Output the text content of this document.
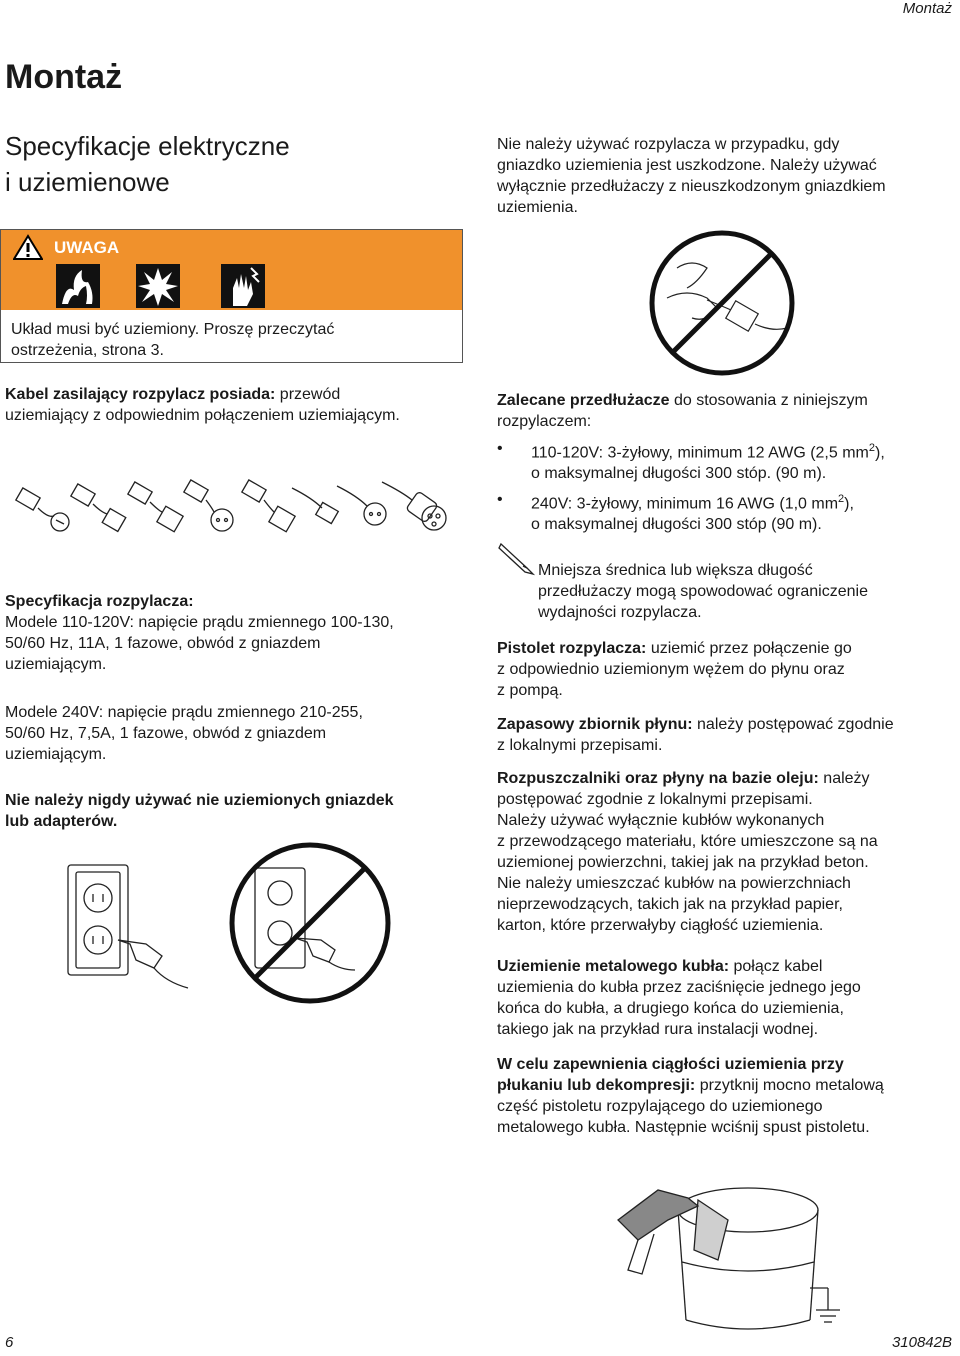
Montaż
Montaż
Specyfikacje elektryczne
i uziemienowe
UWAGA
Układ musi być uziemiony. Proszę przeczytać
ostrzeżenia, strona 3.

Kabel zasilający rozpylacz posiada: przewód
uziemiający z odpowiednim połączeniem uziemiającym.

Specyfikacja rozpylacza:
Modele 110-120V: napięcie prądu zmiennego 100-130,
50/60 Hz, 11A, 1 fazowe, obwód z gniazdem
uziemiającym.

Modele 240V: napięcie prądu zmiennego 210-255,
50/60 Hz, 7,5A, 1 fazowe, obwód z gniazdem
uziemiającym.

Nie należy nigdy używać nie uziemionych gniazdek
lub adapterów.

Nie należy używać rozpylacza w przypadku, gdy
gniazdko uziemienia jest uszkodzone. Należy używać
wyłącznie przedłużaczy z nieuszkodzonym gniazdkiem
uziemienia.

Zalecane przedłużacze do stosowania z niniejszym
rozpylaczem:

• 110-120V: 3-żyłowy, minimum 12 AWG (2,5 $mm^2$),
o maksymalnej długości 300 stóp. (90 m).
• 240V: 3-żyłowy, minimum 16 AWG (1,0 $mm^2$),
o maksymalnej długości 300 stóp (90 m).

Mniejsza średnica lub większa długość
przedłużaczy mogą spowodować ograniczenie
wydajności rozpylacza.

Pistolet rozpylacza: uziemić przez połączenie go
z odpowiednio uziemionym wężem do płynu oraz
z pompą.

Zapasowy zbiornik płynu: należy postępować zgodnie
z lokalnymi przepisami.

Rozpuszczalniki oraz płyny na bazie oleju: należy
postępować zgodnie z lokalnymi przepisami.
Należy używać wyłącznie kubłów wykonanych
z przewodzącego materiału, które umieszczone są na
uziemionej powierzchni, takiej jak na przykład beton.
Nie należy umieszczać kubłów na powierzchniach
nieprzewodzących, takich jak na przykład papier,
karton, które przerwałyby ciągłość uziemienia.

Uziemienie metalowego kubła: połącz kabel
uziemienia do kubła przez zaciśnięcie jednego jego
końca do kubła, a drugiego końca do uziemienia,
takiego jak na przykład rura instalacji wodnej.

W celu zapewnienia ciągłości uziemienia przy
płukaniu lub dekompresji: przytknij mocno metalową
część pistoletu rozpylającego do uziemionego
metalowego kubła. Następnie wciśnij spust pistoletu.

6	310842B
